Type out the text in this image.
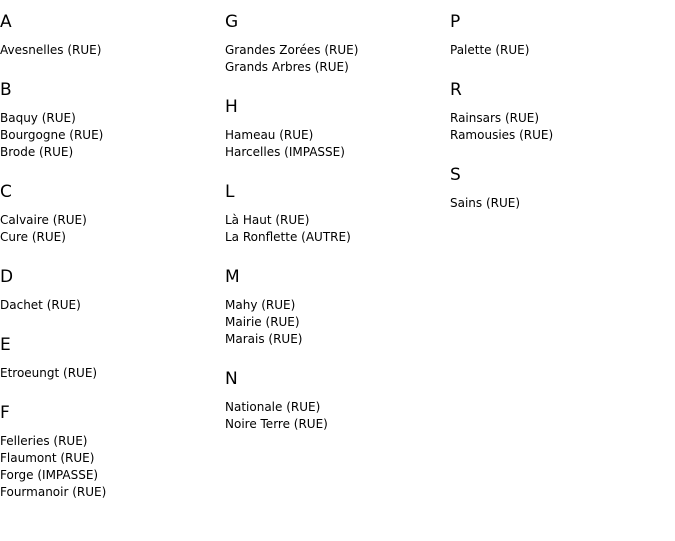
A
Avesnelles (RUE)
B
Baquy (RUE)
Bourgogne (RUE)
Brode (RUE)
C
Calvaire (RUE)
Cure (RUE)
D
Dachet (RUE)
E
Etroeungt (RUE)
F
Felleries (RUE)
Flaumont (RUE)
Forge (IMPASSE)
Fourmanoir (RUE)
G
Grandes Zorées (RUE)
Grands Arbres (RUE)
H
Hameau (RUE)
Harcelles (IMPASSE)
L
Là Haut (RUE)
La Ronflette (AUTRE)
M
Mahy (RUE)
Mairie (RUE)
Marais (RUE)
N
Nationale (RUE)
Noire Terre (RUE)
P
Palette (RUE)
R
Rainsars (RUE)
Ramousies (RUE)
S
Sains (RUE)
